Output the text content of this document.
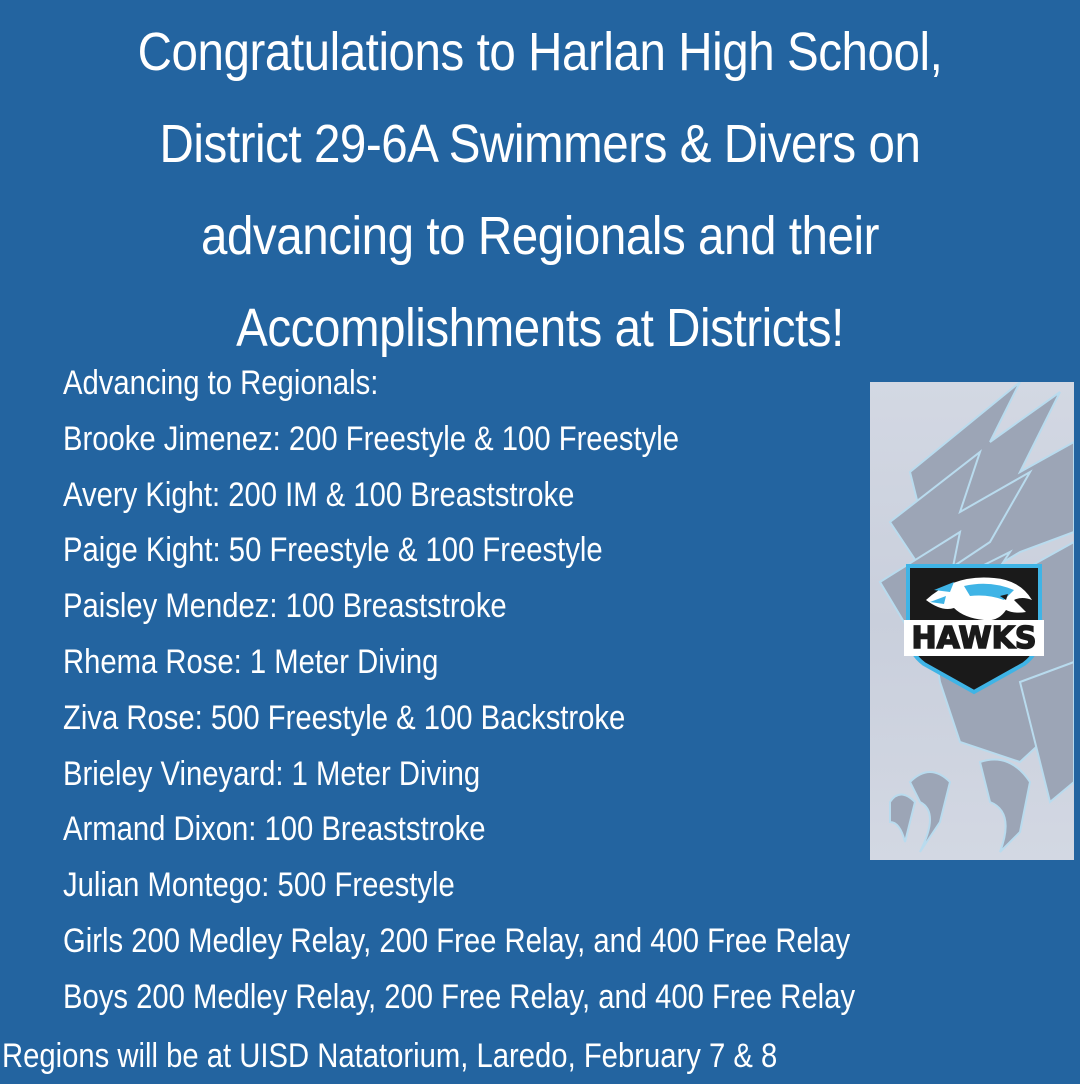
Congratulations to Harlan High School,
District 29-6A Swimmers & Divers on
advancing to Regionals and their
Accomplishments at Districts!
Advancing to Regionals:
Brooke Jimenez: 200 Freestyle & 100 Freestyle
Avery Kight: 200 IM & 100 Breaststroke
Paige Kight: 50 Freestyle & 100 Freestyle
Paisley Mendez: 100 Breaststroke
Rhema Rose: 1 Meter Diving
Ziva Rose: 500 Freestyle & 100 Backstroke
Brieley Vineyard: 1 Meter Diving
Armand Dixon: 100 Breaststroke
Julian Montego: 500 Freestyle
Girls 200 Medley Relay, 200 Free Relay, and 400 Free Relay
Boys 200 Medley Relay, 200 Free Relay, and 400 Free Relay
Regions will be at UISD Natatorium, Laredo, February 7 & 8
HAWKS
